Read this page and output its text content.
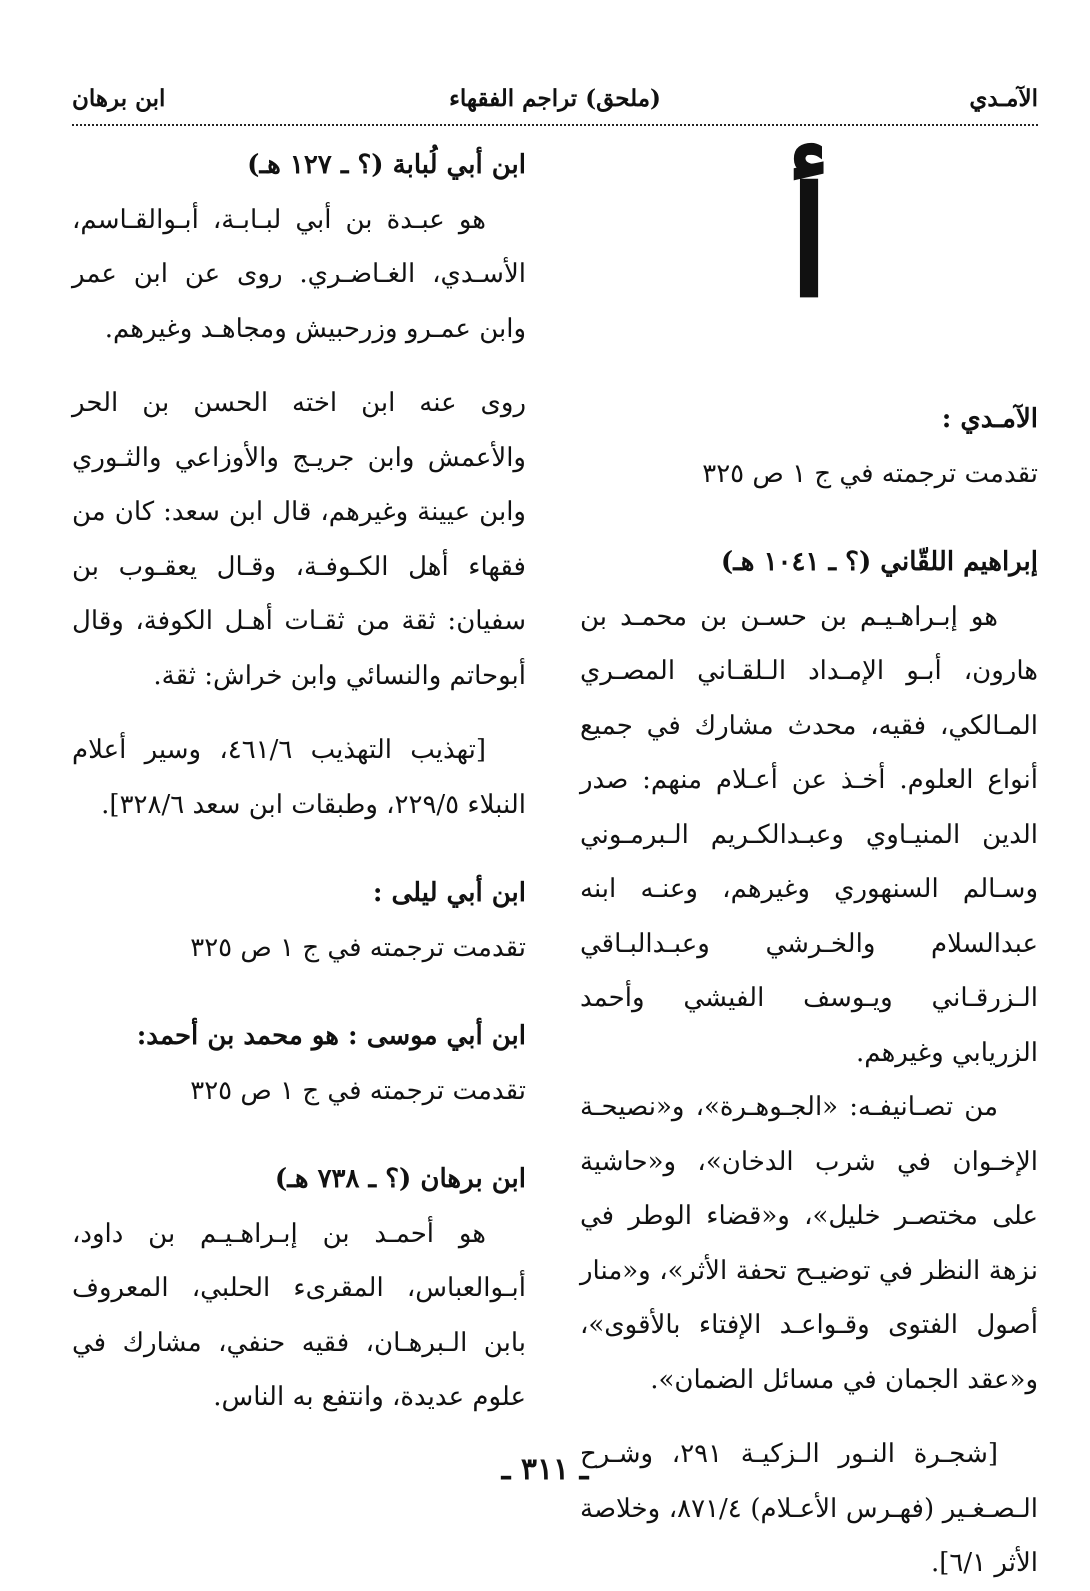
الآمـدي
(ملحق) تراجم الفقهاء
ابن برهان
أ

الآمـدي :

تقدمت ترجمته في ج ١ ص ٣٢٥

إبراهيم اللقّاني (؟ ـ ١٠٤١ هـ)

هو إبـراهـيـم بن حسـن بن محمـد بن هارون، أبـو الإمـداد الـلقـاني المصـري المـالكي، فقيه، محدث مشارك في جميع أنواع العلوم. أخـذ عن أعـلام منهم: صدر الدين المنيـاوي وعبـدالكـريم الـبرمـوني وسـالم السنهوري وغيرهم، وعنـه ابنه عبدالسلام والخـرشي وعبـدالبـاقي الـزرقـاني ويـوسف الفيشي وأحمد الزريابي وغيرهم.

من تصـانيفـه: «الجـوهـرة»، و«نصيحـة الإخـوان في شرب الدخان»، و«حاشية على مختصـر خليل»، و«قضاء الوطر في نزهة النظر في توضيـح تحفة الأثر»، و«منار أصول الفتوى وقـواعـد الإفتاء بالأقوى»، و«عقد الجمان في مسائل الضمان».

[شجـرة النـور الـزكيـة ٢٩١، وشـرح الـصـغـير (فهـرس الأعـلام) ٨٧١/٤، وخلاصة الأثر ٦/١].

ابن أبي لُبابة (؟ ـ ١٢٧ هـ)

هو عبـدة بن أبي لبـابـة، أبـوالقـاسم، الأسـدي، الغـاضـري. روى عن ابن عمر وابن عمـرو وزرحبيش ومجاهـد وغيرهم.

روى عنه ابن اخته الحسن بن الحر والأعمش وابن جريـج والأوزاعي والثـوري وابن عيينة وغيرهم، قال ابن سعد: كان من فقهاء أهل الكـوفـة، وقـال يعقـوب بن سفيان: ثقة من ثقـات أهـل الكوفة، وقال أبوحاتم والنسائي وابن خراش: ثقة.

[تهذيب التهذيب ٤٦١/٦، وسير أعلام النبلاء ٢٢٩/٥، وطبقات ابن سعد ٣٢٨/٦].

ابن أبي ليلى :

تقدمت ترجمته في ج ١ ص ٣٢٥

ابن أبي موسى : هو محمد بن أحمد:

تقدمت ترجمته في ج ١ ص ٣٢٥

ابن برهان (؟ ـ ٧٣٨ هـ)

هو أحمـد بن إبـراهـيـم بن داود، أبـوالعباس، المقرىء الحلبي، المعروف بابن الـبرهـان، فقيه حنفي، مشارك في علوم عديدة، وانتفع به الناس.

ـ ٣١١ ـ
